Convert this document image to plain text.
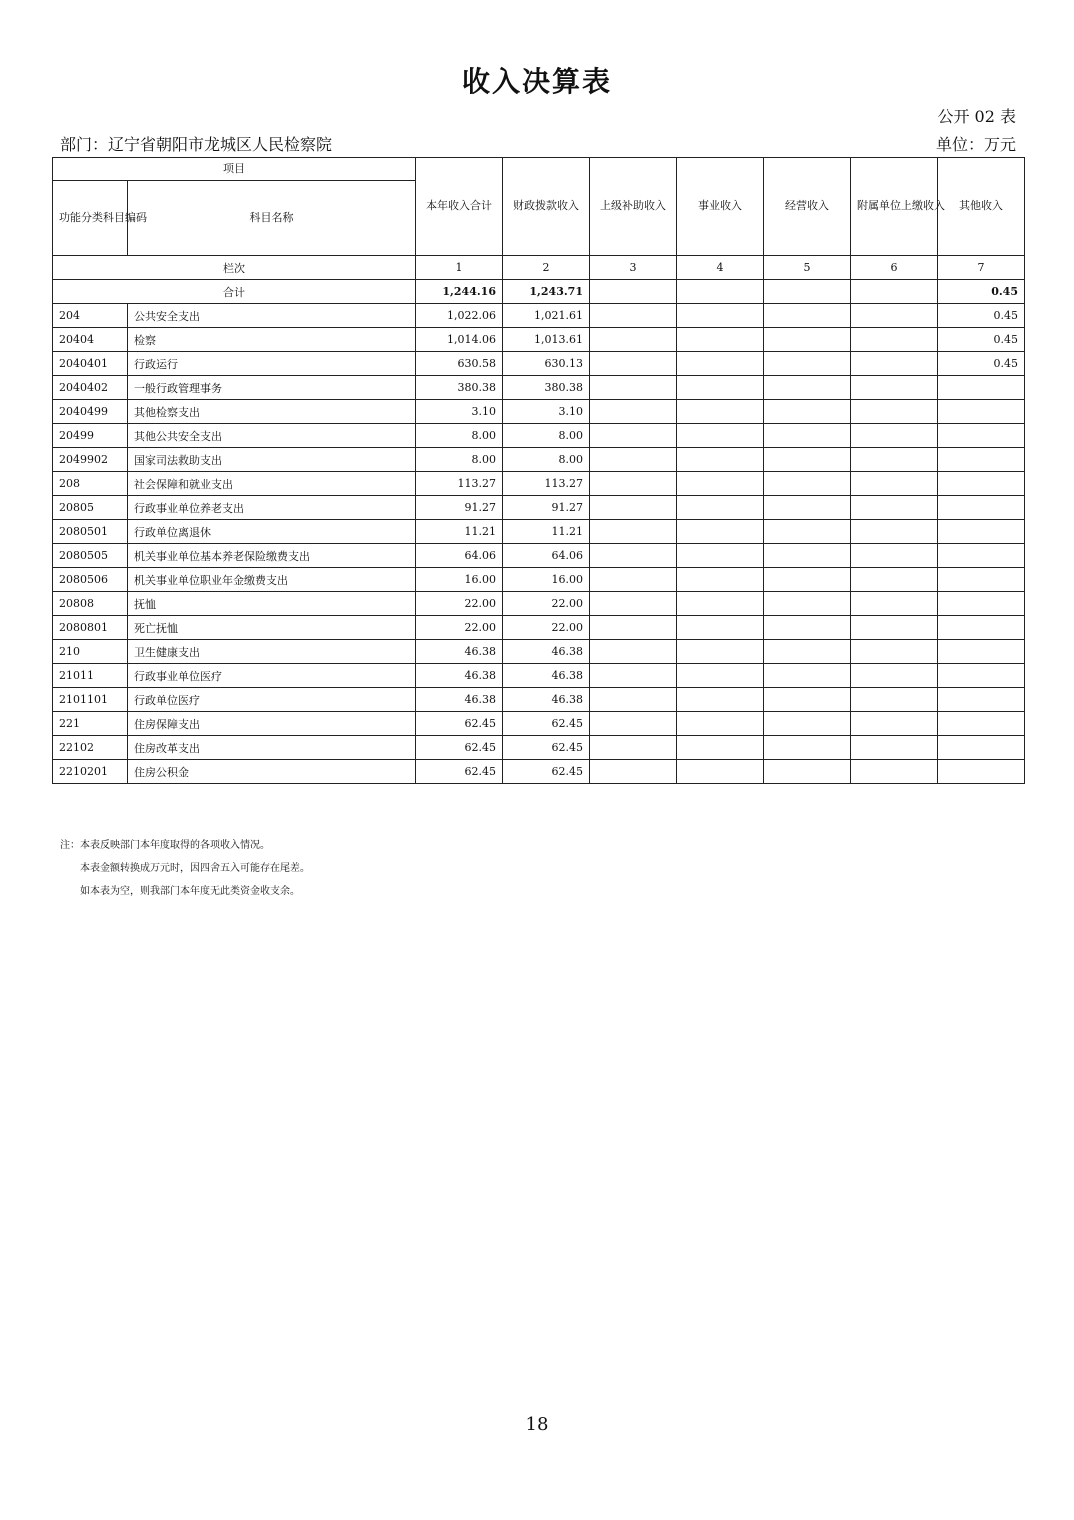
收入决算表
公开 02 表
部门：辽宁省朝阳市龙城区人民检察院	单位：万元
项目		本年收入合计	财政拨款收入	上级补助收入	事业收入	经营收入	附属单位上缴收入	其他收入
功能分类科目编码	科目名称							
栏次		1	2	3	4	5	6	7
合计		1,244.16	1,243.71					0.45
204	公共安全支出	1,022.06	1,021.61					0.45
20404	检察	1,014.06	1,013.61					0.45
2040401	行政运行	630.58	630.13					0.45
2040402	一般行政管理事务	380.38	380.38					
2040499	其他检察支出	3.10	3.10					
20499	其他公共安全支出	8.00	8.00					
2049902	国家司法救助支出	8.00	8.00					
208	社会保障和就业支出	113.27	113.27					
20805	行政事业单位养老支出	91.27	91.27					
2080501	行政单位离退休	11.21	11.21					
2080505	机关事业单位基本养老保险缴费支出	64.06	64.06					
2080506	机关事业单位职业年金缴费支出	16.00	16.00					
20808	抚恤	22.00	22.00					
2080801	死亡抚恤	22.00	22.00					
210	卫生健康支出	46.38	46.38					
21011	行政事业单位医疗	46.38	46.38					
2101101	行政单位医疗	46.38	46.38					
221	住房保障支出	62.45	62.45					
22102	住房改革支出	62.45	62.45					
2210201	住房公积金	62.45	62.45					
注：本表反映部门本年度取得的各项收入情况。
本表金额转换成万元时，因四舍五入可能存在尾差。
如本表为空，则我部门本年度无此类资金收支余。
18
